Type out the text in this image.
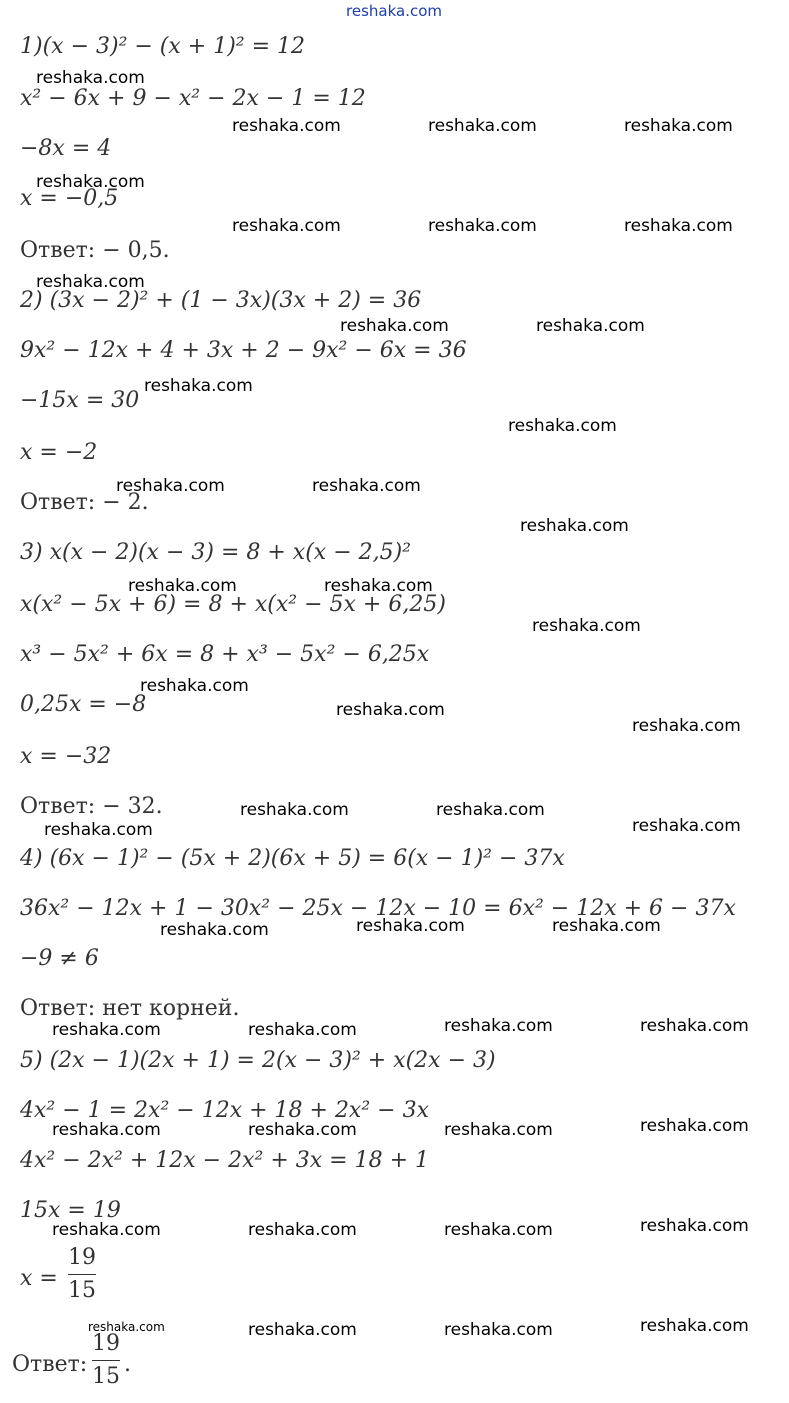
reshaka.com
1)(x − 3)² − (x + 1)² = 12
x² − 6x + 9 − x² − 2x − 1 = 12
−8x = 4
x = −0,5
Ответ: − 0,5.
2) (3x − 2)² + (1 − 3x)(3x + 2) = 36
9x² − 12x + 4 + 3x + 2 − 9x² − 6x = 36
−15x = 30
x = −2
Ответ: − 2.
3) x(x − 2)(x − 3) = 8 + x(x − 2,5)²
x(x² − 5x + 6) = 8 + x(x² − 5x + 6,25)
x³ − 5x² + 6x = 8 + x³ − 5x² − 6,25x
0,25x = −8
x = −32
Ответ: − 32.
4) (6x − 1)² − (5x + 2)(6x + 5) = 6(x − 1)² − 37x
36x² − 12x + 1 − 30x² − 25x − 12x − 10 = 6x² − 12x + 6 − 37x
−9 ≠ 6
Ответ: нет корней.
5) (2x − 1)(2x + 1) = 2(x − 3)² + x(2x − 3)
4x² − 1 = 2x² − 12x + 18 + 2x² − 3x
4x² − 2x² + 12x − 2x² + 3x = 18 + 1
15x = 19
x =
19
15
Ответ:
19
15 .
reshaka.com
reshaka.com	reshaka.com	reshaka.com
reshaka.com
reshaka.com	reshaka.com	reshaka.com
reshaka.com
reshaka.com	reshaka.com
reshaka.com
reshaka.com
reshaka.com	reshaka.com
reshaka.com
reshaka.com	reshaka.com
reshaka.com
reshaka.com
reshaka.com
reshaka.com
reshaka.com	reshaka.com
reshaka.com	reshaka.com
reshaka.com	reshaka.com	reshaka.com
reshaka.com	reshaka.com	reshaka.com	reshaka.com
reshaka.com	reshaka.com	reshaka.com	reshaka.com
reshaka.com	reshaka.com	reshaka.com	reshaka.com
reshaka.com	reshaka.com	reshaka.com	reshaka.com
